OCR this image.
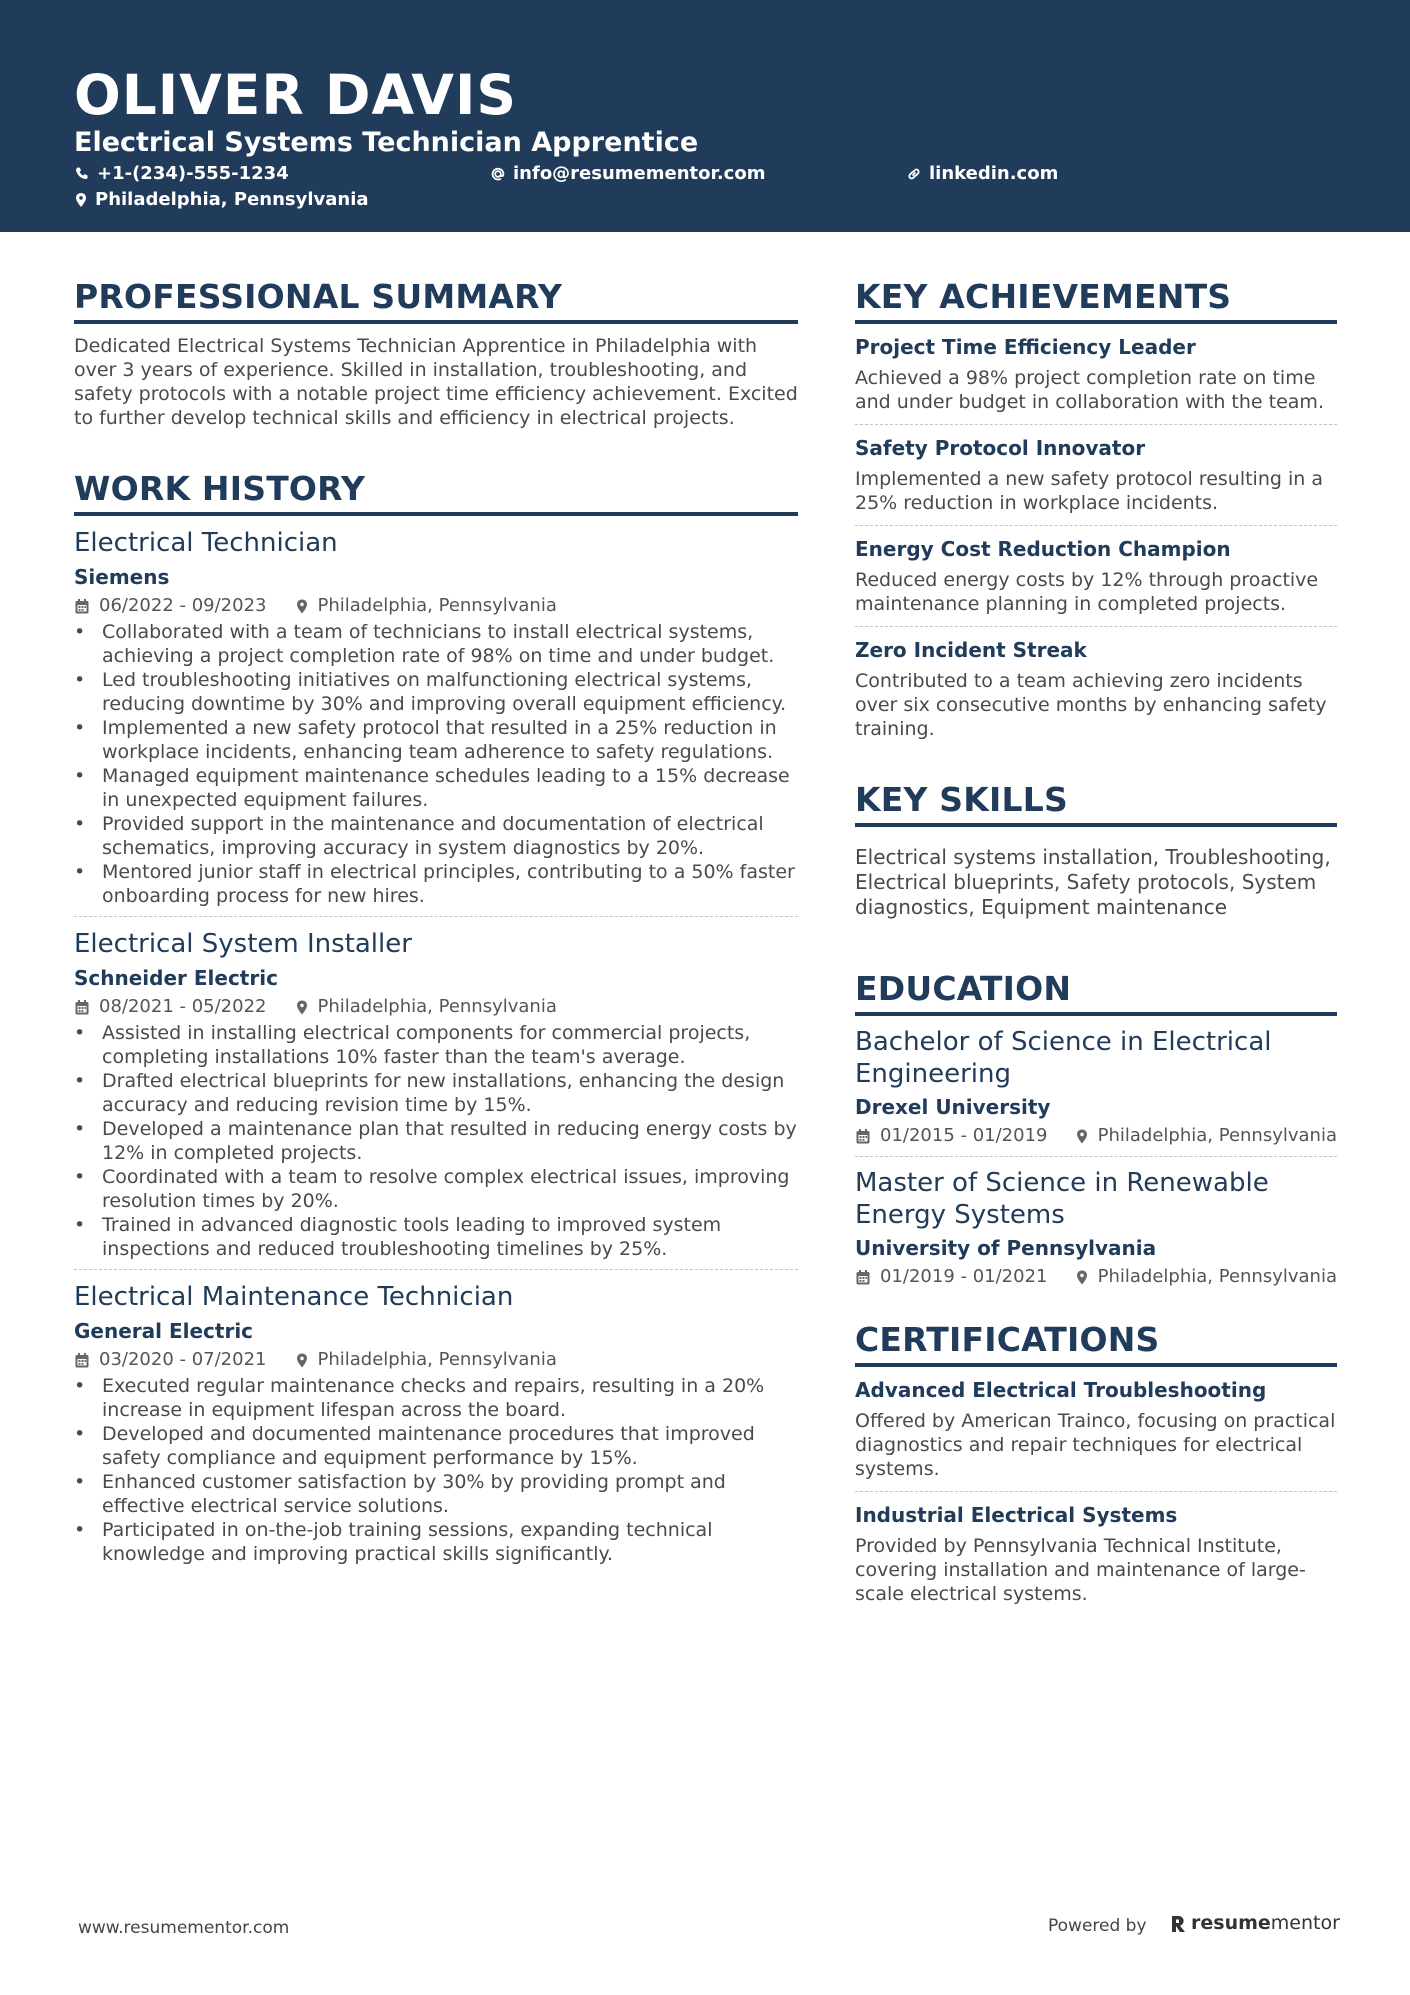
OLIVER DAVIS
Electrical Systems Technician Apprentice
+1-(234)-555-1234	info@resumementor.com	linkedin.com
Philadelphia, Pennsylvania
PROFESSIONAL SUMMARY

Dedicated Electrical Systems Technician Apprentice in Philadelphia with over 3 years of experience. Skilled in installation, troubleshooting, and safety protocols with a notable project time efficiency achievement. Excited to further develop technical skills and efficiency in electrical projects.

WORK HISTORY
Electrical Technician
Siemens
06/2022 - 09/2023	Philadelphia, Pennsylvania
• Collaborated with a team of technicians to install electrical systems, achieving a project completion rate of 98% on time and under budget.
• Led troubleshooting initiatives on malfunctioning electrical systems, reducing downtime by 30% and improving overall equipment efficiency.
• Implemented a new safety protocol that resulted in a 25% reduction in workplace incidents, enhancing team adherence to safety regulations.
• Managed equipment maintenance schedules leading to a 15% decrease in unexpected equipment failures.
• Provided support in the maintenance and documentation of electrical schematics, improving accuracy in system diagnostics by 20%.
• Mentored junior staff in electrical principles, contributing to a 50% faster onboarding process for new hires.
Electrical System Installer
Schneider Electric
08/2021 - 05/2022	Philadelphia, Pennsylvania
• Assisted in installing electrical components for commercial projects, completing installations 10% faster than the team's average.
• Drafted electrical blueprints for new installations, enhancing the design accuracy and reducing revision time by 15%.
• Developed a maintenance plan that resulted in reducing energy costs by 12% in completed projects.
• Coordinated with a team to resolve complex electrical issues, improving resolution times by 20%.
• Trained in advanced diagnostic tools leading to improved system inspections and reduced troubleshooting timelines by 25%.
Electrical Maintenance Technician
General Electric
03/2020 - 07/2021	Philadelphia, Pennsylvania
• Executed regular maintenance checks and repairs, resulting in a 20% increase in equipment lifespan across the board.
• Developed and documented maintenance procedures that improved safety compliance and equipment performance by 15%.
• Enhanced customer satisfaction by 30% by providing prompt and effective electrical service solutions.
• Participated in on-the-job training sessions, expanding technical knowledge and improving practical skills significantly.
KEY ACHIEVEMENTS
Project Time Efficiency Leader
Achieved a 98% project completion rate on time and under budget in collaboration with the team.
Safety Protocol Innovator
Implemented a new safety protocol resulting in a 25% reduction in workplace incidents.
Energy Cost Reduction Champion
Reduced energy costs by 12% through proactive maintenance planning in completed projects.
Zero Incident Streak
Contributed to a team achieving zero incidents over six consecutive months by enhancing safety training.
KEY SKILLS

Electrical systems installation, Troubleshooting, Electrical blueprints, Safety protocols, System diagnostics, Equipment maintenance

EDUCATION
Bachelor of Science in Electrical Engineering
Drexel University
01/2015 - 01/2019	Philadelphia, Pennsylvania
Master of Science in Renewable Energy Systems
University of Pennsylvania
01/2019 - 01/2021	Philadelphia, Pennsylvania
CERTIFICATIONS
Advanced Electrical Troubleshooting
Offered by American Trainco, focusing on practical diagnostics and repair techniques for electrical systems.
Industrial Electrical Systems
Provided by Pennsylvania Technical Institute, covering installation and maintenance of large-scale electrical systems.
www.resumementor.com	Powered by resume mentor
